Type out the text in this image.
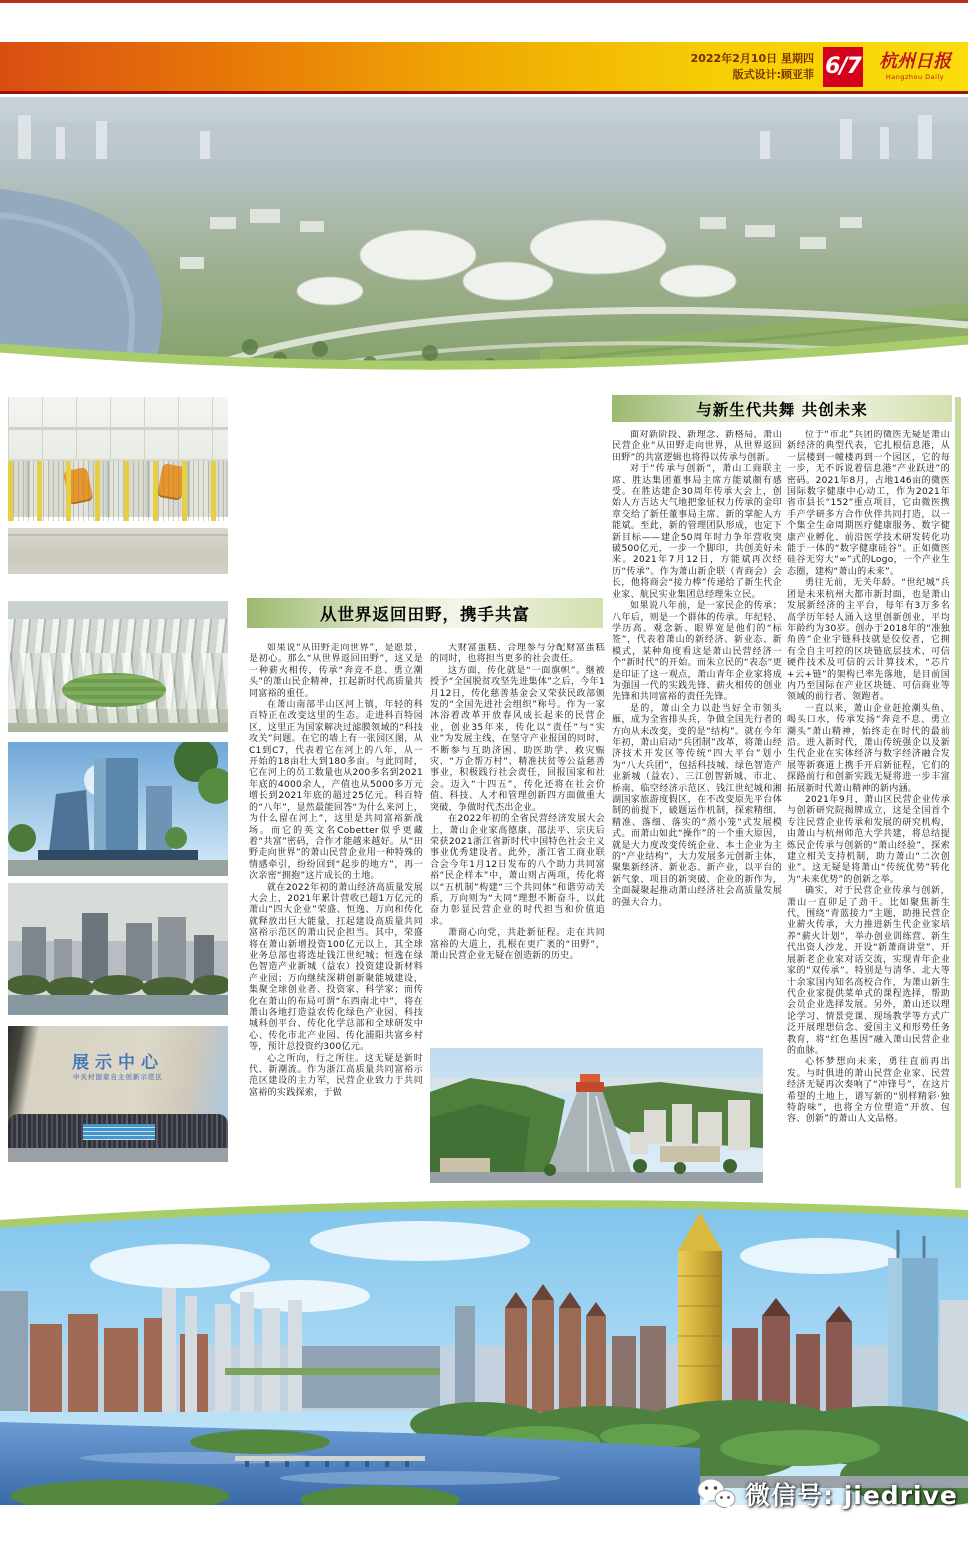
2022年2月10日 星期四
版式设计:顾亚菲 6/7	杭州日报
Hangzhou Daily
展示中心
中关村国家自主创新示范区
从世界返回田野，携手共富

如果说“从田野走向世界”，是愿景，是初心。那么“从世界返回田野”，这又是一种薪火相传，传承“奔竞不息、勇立潮头”的萧山民企精神，扛起新时代高质量共同富裕的重任。

在萧山南部半山区河上镇，年轻的科百特正在改变这里的生态。走进科百特园区，这里正为国家解决过滤膜领域的“科技攻关”问题。在它的墙上有一张园区图，从C1到C7，代表着它在河上的八年，从一开始的18亩壮大到180多亩。与此同时，它在河上的员工数量也从200多名到2021年底的4000余人，产值也从5000多万元增长到2021年底的超过25亿元。科百特的“八年”，显然最能回答“为什么来河上，为什么留在河上”，这里是共同富裕新战场。而它的英文名Cobetter似乎更藏着“共富”密码，合作才能越来越好。从“田野走向世界”的萧山民营企业用一种特殊的情感牵引，纷纷回到“起步的地方”，再一次亲密“拥抱”这片成长的土地。

就在2022年初的萧山经济高质量发展大会上，2021年累计营收已超1万亿元的萧山“四大企业”荣盛、恒逸、万向和传化就释放出巨大能量，扛起建设高质量共同富裕示范区的萧山民企担当。其中，荣盛将在萧山新增投资100亿元以上，其全球业务总部也将选址钱江世纪城；恒逸在绿色智造产业新城（益农）投资建设新材料产业园；万向继续深耕创新聚能城建设，集聚全球创业者、投资家、科学家；而传化在萧山的布局可谓“东西南北中”，将在萧山各地打造益农传化绿色产业园、科技城科创平台、传化化学总部和全球研发中心、传化市北产业园、传化浦阳共富乡村等，预计总投资约300亿元。

心之所向，行之所往。这无疑是新时代、新潮流。作为浙江高质量共同富裕示范区建设的主力军，民营企业致力于共同富裕的实践探索，于做

大财富蛋糕、合理参与分配财富蛋糕的同时，也将担当更多的社会责任。

这方面，传化就是“一面旗帜”。继被授予“全国脱贫攻坚先进集体”之后，今年1月12日，传化慈善基金会又荣获民政部颁发的“全国先进社会组织”称号。作为一家沐浴着改革开放春风成长起来的民营企业，创业35年来，传化以“责任”与“实业”为发展主线，在坚守产业报国的同时，不断参与互助济困、助医助学、救灾赈灾、“万企帮万村”、精准扶贫等公益慈善事业，积极践行社会责任，回报国家和社会。迈入“十四五”，传化还将在社会价值、科技、人才和管理创新四方面做重大突破，争做时代杰出企业。

在2022年初的全省民营经济发展大会上，萧山企业家高德康、邵法平、宗庆后荣获2021浙江省新时代中国特色社会主义事业优秀建设者。此外，浙江省工商业联合会今年1月12日发布的八个助力共同富裕“民企样本”中，萧山则占两项，传化将以“五机制”构建“三个共同体”和谐劳动关系，万向则为“大同”理想不断奋斗，以此奋力彰显民营企业的时代担当和价值追求。

萧商心向党，共赴新征程。走在共同富裕的大道上，扎根在更广袤的“田野”，萧山民营企业无疑在创造新的历史。

与新生代共舞 共创未来

面对新阶段、新理念、新格局，萧山民营企业“从田野走向世界，从世界返回田野”的共富逻辑也将得以传承与创新。

对于“传承与创新”，萧山工商联主席、胜达集团董事局主席方能斌颇有感受。在胜达建企30周年传承大会上，创始人方吉达大气地把象征权力传承的金印章交给了新任董事局主席、新的掌舵人方能斌。至此，新的管理团队形成，也定下新目标——建企50周年时力争年营收突破500亿元，一步一个脚印，共创美好未来。2021年7月12日，方能斌再次经历“传承”。作为萧山新企联（青商会）会长，他将商会“接力棒”传递给了新生代企业家、航民实业集团总经理朱立民。

如果说八年前，是一家民企的传承；八年后，则是一个群体的传承。年纪轻、学历高、观念新、眼界宽是他们的“标签”，代表着萧山的新经济、新业态、新模式，某种角度看这是萧山民营经济一个“新时代”的开始。而朱立民的“表态”更是印证了这一观点，萧山青年企业家将成为强国一代的实践先锋、薪火相传的创业先锋和共同富裕的责任先锋。

是的，萧山全力以赴当好全市领头雁，成为全省排头兵，争做全国先行者的方向从未改变，变的是“结构”。就在今年年初，萧山启动“兵团制”改革，将萧山经济技术开发区等传统“四大平台”划小为“八大兵团”，包括科技城、绿色智造产业新城（益农）、三江创智新城、市北、桥南、临空经济示范区、钱江世纪城和湘湖国家旅游度假区，在不改变原先平台体制的前提下，破题运作机制，探索精细、精准、落细、落实的“蒸小笼”式发展模式。而萧山如此“操作”的一个重大原因，就是大力度改变传统企业、本土企业为主的“产业结构”，大力发展多元创新主体，聚集新经济、新业态、新产业，以平台的新气象、项目的新突破、企业的新作为，全面凝聚起推动萧山经济社会高质量发展的强大合力。

位于“市北”兵团的微医无疑是萧山新经济的典型代表，它扎根信息港，从一层楼到一幢楼再到一个园区，它的每一步，无不诉说着信息港“产业跃进”的密码。2021年8月，占地146亩的微医国际数字健康中心动工，作为2021年省市县长“152”重点项目，它由微医携手产学研多方合作伙伴共同打造，以一个集全生命周期医疗健康服务、数字健康产业孵化、前沿医学技术研发转化功能于一体的“数字健康硅谷”。正如微医硅谷无穷大“∞”式的Logo，一个产业生态圈，建构“萧山的未来”。

勇往无前，无关年龄。“世纪城”兵团是未来杭州大都市新封面，也是萧山发展新经济的主平台，每年有3万多名高学历年轻人涌入这里创新创业，平均年龄约为30岁。创办于2018年的“准独角兽”企业宇链科技就是佼佼者，它拥有全自主可控的区块链底层技术、可信硬件技术及可信的云计算技术，“芯片+云+链”的架构已率先落地，是目前国内乃至国际在产业区块链、可信商业等领域的前行者、领跑者。

一直以来，萧山企业赶抢潮头鱼、喝头口水，传承发扬“奔竞不息、勇立潮头”萧山精神，始终走在时代的最前沿。进入新时代，萧山传统强企以及新生代企业在实体经济与数字经济融合发展等新赛道上携手开启新征程，它们的探路前行和创新实践无疑将进一步丰富拓展新时代萧山精神的新内涵。

2021年9月，萧山区民营企业传承与创新研究院揭牌成立，这是全国首个专注民营企业传承和发展的研究机构，由萧山与杭州师范大学共建，将总结提炼民企传承与创新的“萧山经验”，探索建立相关支持机制，助力萧山“二次创业”。这无疑是将萧山“传统优势”转化为“未来优势”的创新之举。

确实，对于民营企业传承与创新，萧山一直卯足了劲干。比如聚焦新生代，围绕“青蓝接力”主题，助推民营企业薪火传承，大力推进新生代企业家培养“薪火计划”，举办创业训练营、新生代出资人沙龙、开设“新萧商讲堂”、开展新老企业家对话交流，实现青年企业家的“双传承”。特别是与清华、北大等十余家国内知名高校合作，为萧山新生代企业家提供菜单式的课程选择，帮助会员企业选择发展。另外，萧山还以理论学习、情景党课、现场教学等方式广泛开展理想信念、爱国主义和形势任务教育，将“红色基因”融入萧山民营企业的血脉。

心怀梦想向未来，勇往直前再出发。与时俱进的萧山民营企业家、民营经济无疑再次奏响了“冲锋号”，在这片希望的土地上，谱写新的“别样精彩·独特韵味”，也将全方位塑造“开放、包容、创新”的萧山人文品格。

微信号: jiedrive
